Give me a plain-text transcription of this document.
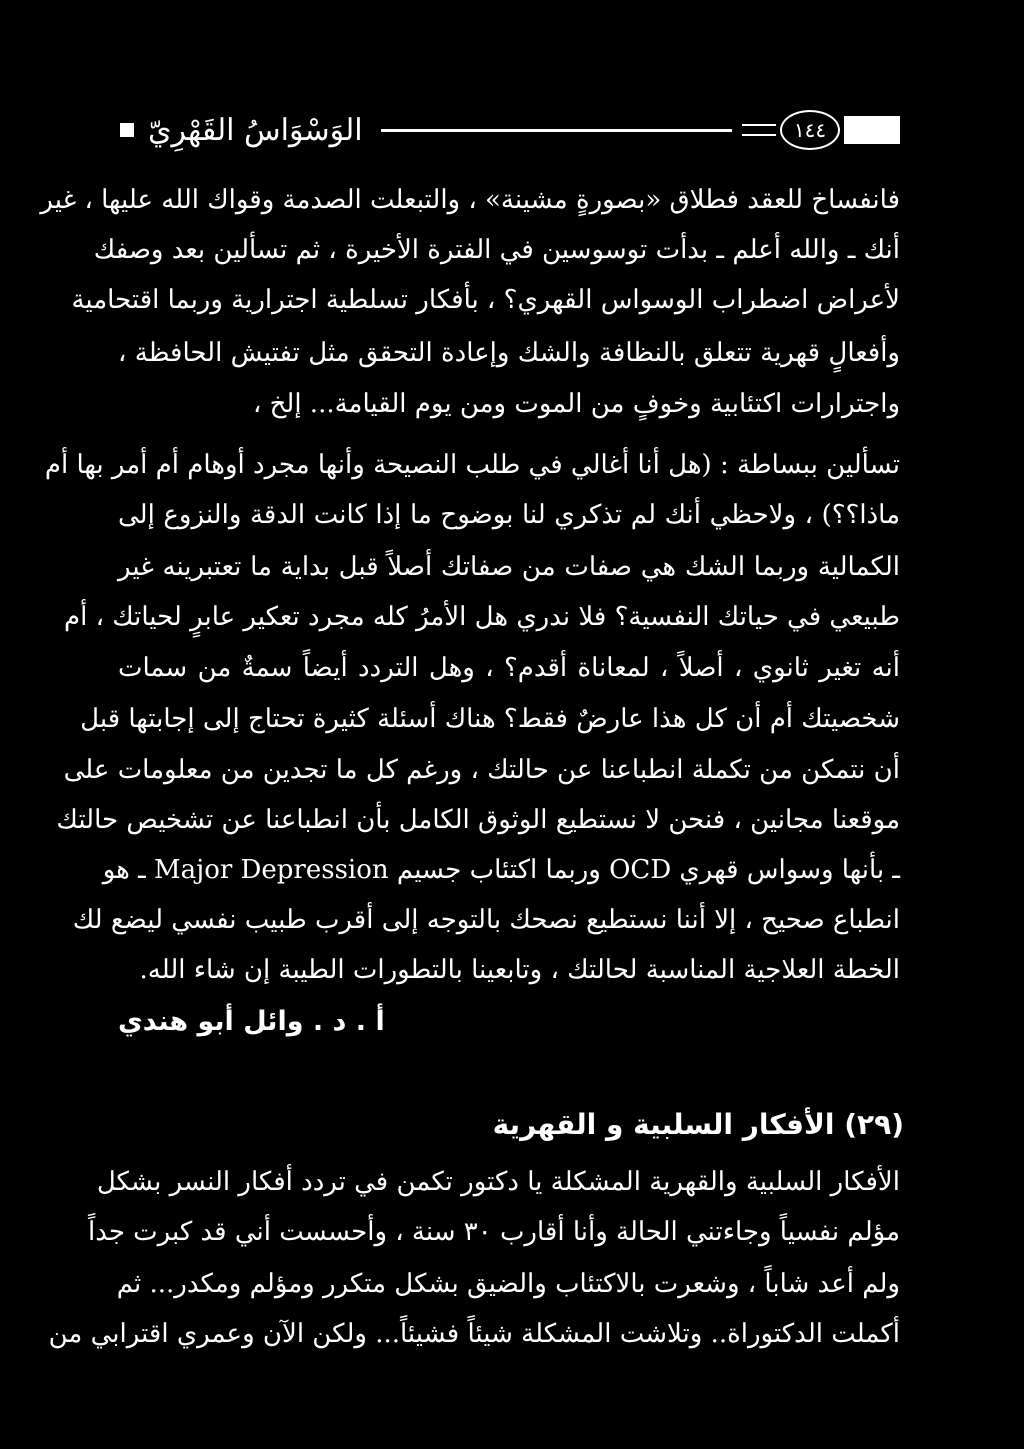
الوَسْوَاسُ القَهْرِيّ	١٤٤
فانفساخ للعقد فطلاق «بصورةٍ مشينة» ، والتبعلت الصدمة وقواك الله عليها ، غير
أنك ـ والله أعلم ـ بدأت توسوسين في الفترة الأخيرة ، ثم تسألين بعد وصفك
لأعراض اضطراب الوسواس القهري؟ ، بأفكار تسلطية اجترارية وربما اقتحامية
وأفعالٍ قهرية تتعلق بالنظافة والشك وإعادة التحقق مثل تفتيش الحافظة ،
واجترارات اكتئابية وخوفٍ من الموت ومن يوم القيامة... إلخ ،
تسألين ببساطة : (هل أنا أغالي في طلب النصيحة وأنها مجرد أوهام أم أمر بها أم
ماذا؟؟) ، ولاحظي أنك لم تذكري لنا بوضوح ما إذا كانت الدقة والنزوع إلى
الكمالية وربما الشك هي صفات من صفاتك أصلاً قبل بداية ما تعتبرينه غير
طبيعي في حياتك النفسية؟ فلا ندري هل الأمرُ كله مجرد تعكير عابرٍ لحياتك ، أم
أنه تغير ثانوي ، أصلاً ، لمعاناة أقدم؟ ، وهل التردد أيضاً سمةٌ من سمات
شخصيتك أم أن كل هذا عارضٌ فقط؟ هناك أسئلة كثيرة تحتاج إلى إجابتها قبل
أن نتمكن من تكملة انطباعنا عن حالتك ، ورغم كل ما تجدين من معلومات على
موقعنا مجانين ، فنحن لا نستطيع الوثوق الكامل بأن انطباعنا عن تشخيص حالتك
ـ بأنها وسواس قهري OCD وربما اكتئاب جسيم Major Depression ـ هو
انطباع صحيح ، إلا أننا نستطيع نصحك بالتوجه إلى أقرب طبيب نفسي ليضع لك
الخطة العلاجية المناسبة لحالتك ، وتابعينا بالتطورات الطيبة إن شاء الله.
أ . د . وائل أبو هندي
(٢٩) الأفكار السلبية و القهرية
الأفكار السلبية والقهرية المشكلة يا دكتور تكمن في تردد أفكار النسر بشكل
مؤلم نفسياً وجاءتني الحالة وأنا أقارب ٣٠ سنة ، وأحسست أني قد كبرت جداً
ولم أعد شاباً ، وشعرت بالاكتئاب والضيق بشكل متكرر ومؤلم ومكدر... ثم
أكملت الدكتوراة.. وتلاشت المشكلة شيئاً فشيئاً... ولكن الآن وعمري اقترابي من
